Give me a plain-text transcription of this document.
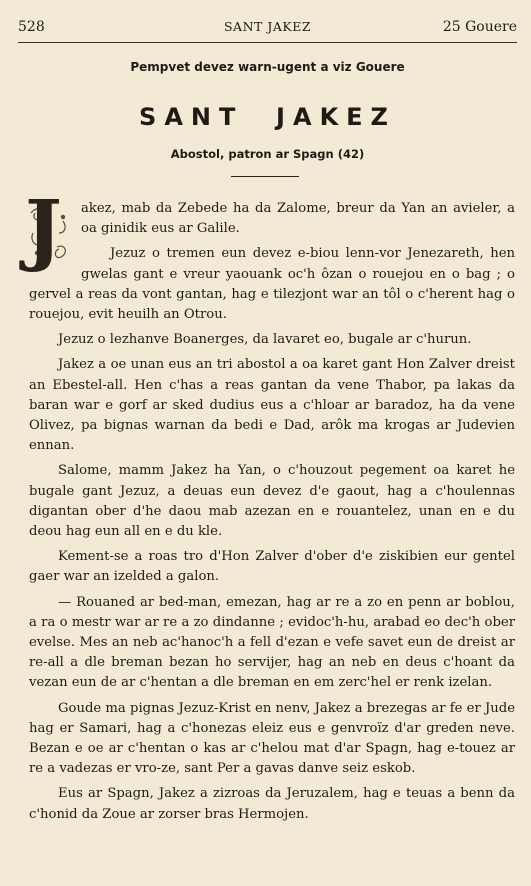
528	SANT JAKEZ	25 Gouere
Pempvet devez warn-ugent a viz Gouere
SANT  JAKEZ
Abostol, patron ar Spagn (42)

J akez, mab da Zebede ha da Zalome, breur da Yan an avieler, a oa ginidik eus ar Galile.

Jezuz o tremen eun devez e-biou lenn-vor Jenezareth, hen gwelas gant e vreur yaouank oc'h ôzan o rouejou en o bag ; o gervel a reas da vont gantan, hag e tilezjont war an tôl o c'herent hag o rouejou, evit heuilh an Otrou.

Jezuz o lezhanve Boanerges, da lavaret eo, bugale ar c'hurun.

Jakez a oe unan eus an tri abostol a oa karet gant Hon Zalver dreist an Ebestel-all. Hen c'has a reas gantan da vene Thabor, pa lakas da baran war e gorf ar sked dudius eus a c'hloar ar baradoz, ha da vene Olivez, pa bignas warnan da bedi e Dad, arôk ma krogas ar Judevien ennan.

Salome, mamm Jakez ha Yan, o c'houzout pegement oa karet he bugale gant Jezuz, a deuas eun devez d'e gaout, hag a c'houlennas digantan ober d'he daou mab azezan en e rouantelez, unan en e du deou hag eun all en e du kle.

Kement-se a roas tro d'Hon Zalver d'ober d'e ziskibien eur gentel gaer war an izelded a galon.

— Rouaned ar bed-man, emezan, hag ar re a zo en penn ar boblou, a ra o mestr war ar re a zo dindanne ; evidoc'h-hu, arabad eo dec'h ober evelse. Mes an neb ac'hanoc'h a fell d'ezan e vefe savet eun de dreist ar re-all a dle breman bezan ho servijer, hag an neb en deus c'hoant da vezan eun de ar c'hentan a dle breman en em zerc'hel er renk izelan.

Goude ma pignas Jezuz-Krist en nenv, Jakez a brezegas ar fe er Jude hag er Samari, hag a c'honezas eleiz eus e genvroïz d'ar greden neve. Bezan e oe ar c'hentan o kas ar c'helou mat d'ar Spagn, hag e-touez ar re a vadezas er vro-ze, sant Per a gavas danve seiz eskob.

Eus ar Spagn, Jakez a zizroas da Jeruzalem, hag e teuas a benn da c'honid da Zoue ar zorser bras Hermojen.
